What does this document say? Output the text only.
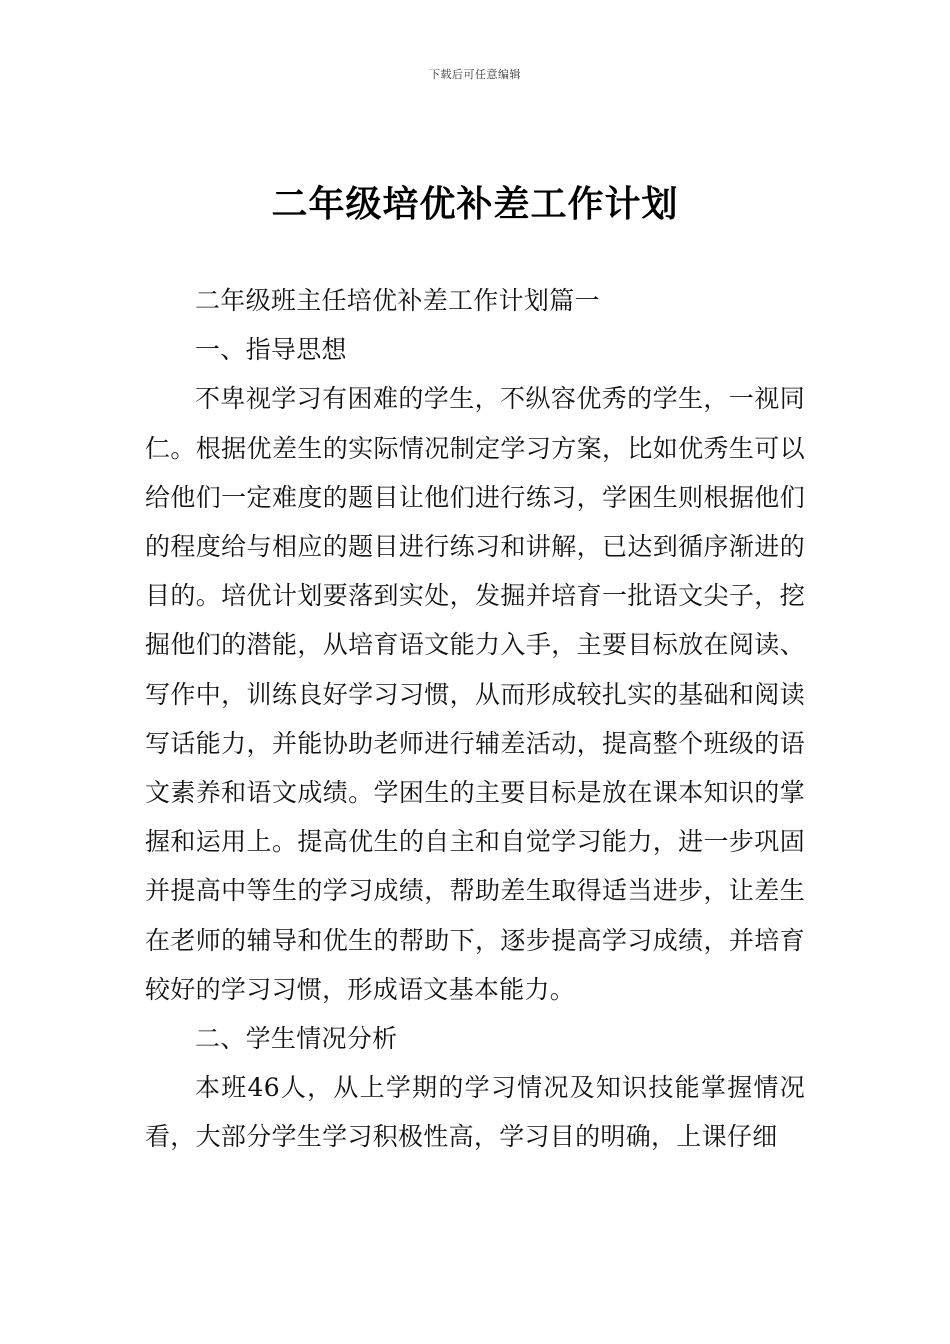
下载后可任意编辑
二年级培优补差工作计划

二年级班主任培优补差工作计划篇一

一、指导思想

不卑视学习有困难的学生，不纵容优秀的学生，一视同仁。根据优差生的实际情况制定学习方案，比如优秀生可以给他们一定难度的题目让他们进行练习，学困生则根据他们的程度给与相应的题目进行练习和讲解，已达到循序渐进的目的。培优计划要落到实处，发掘并培育一批语文尖子，挖掘他们的潜能，从培育语文能力入手，主要目标放在阅读、写作中，训练良好学习习惯，从而形成较扎实的基础和阅读写话能力，并能协助老师进行辅差活动，提高整个班级的语文素养和语文成绩。学困生的主要目标是放在课本知识的掌握和运用上。提高优生的自主和自觉学习能力，进一步巩固并提高中等生的学习成绩，帮助差生取得适当进步，让差生在老师的辅导和优生的帮助下，逐步提高学习成绩，并培育较好的学习习惯，形成语文基本能力。

二、学生情况分析

本班46人，从上学期的学习情况及知识技能掌握情况看，大部分学生学习积极性高，学习目的明确，上课仔细
